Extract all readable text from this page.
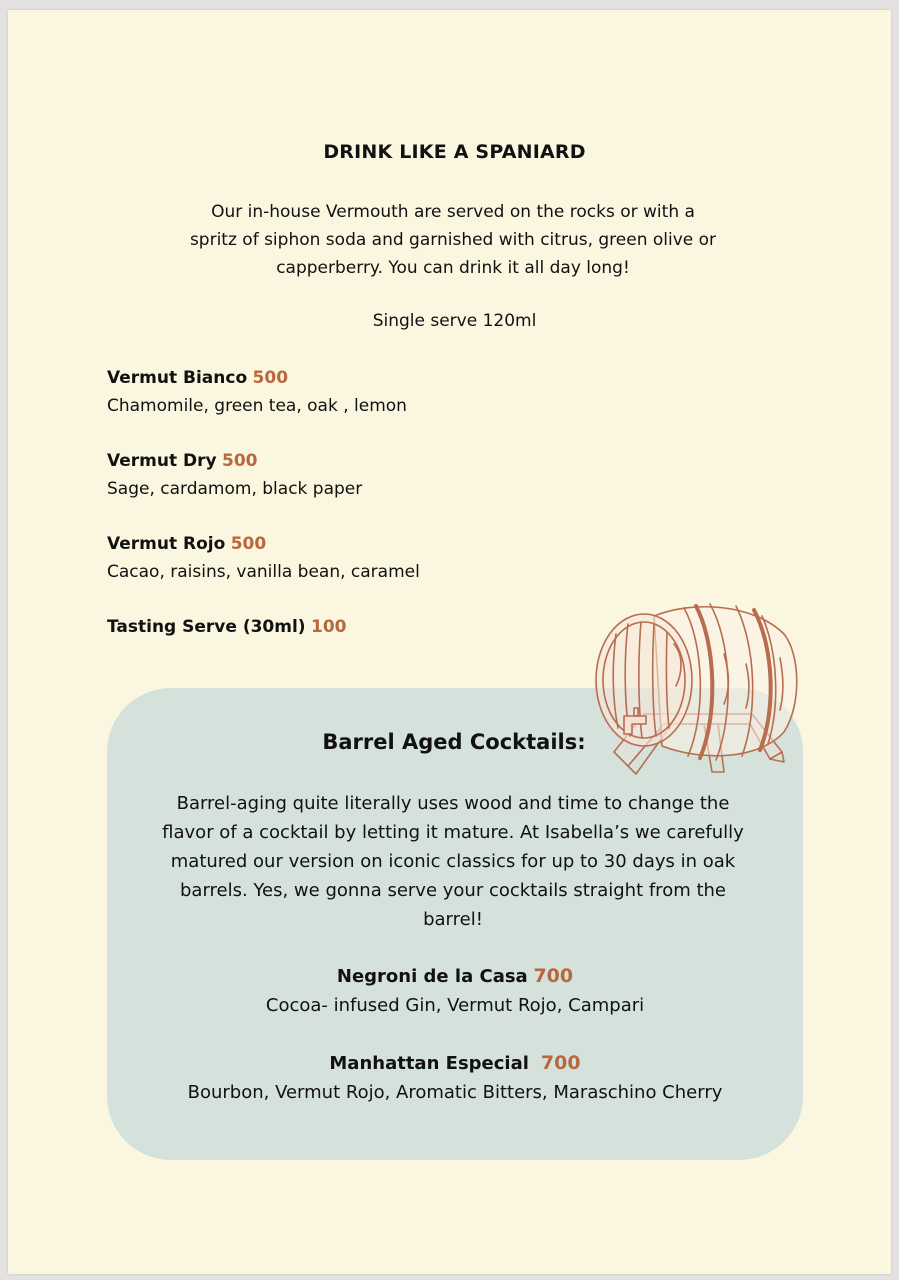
DRINK LIKE A SPANIARD
Our in-house Vermouth are served on the rocks or with a spritz of siphon soda and garnished with citrus, green olive or capperberry. You can drink it all day long!
Single serve 120ml
Vermut Bianco 500
Chamomile, green tea, oak , lemon
Vermut Dry 500
Sage, cardamom, black paper
Vermut Rojo 500
Cacao, raisins, vanilla bean, caramel
Tasting Serve (30ml) 100
Barrel Aged Cocktails:
Barrel-aging quite literally uses wood and time to change the flavor of a cocktail by letting it mature. At Isabella’s we carefully matured our version on iconic classics for up to 30 days in oak barrels. Yes, we gonna serve your cocktails straight from the barrel!
Negroni de la Casa 700
Cocoa- infused Gin, Vermut Rojo, Campari
Manhattan Especial  700
Bourbon, Vermut Rojo, Aromatic Bitters, Maraschino Cherry
